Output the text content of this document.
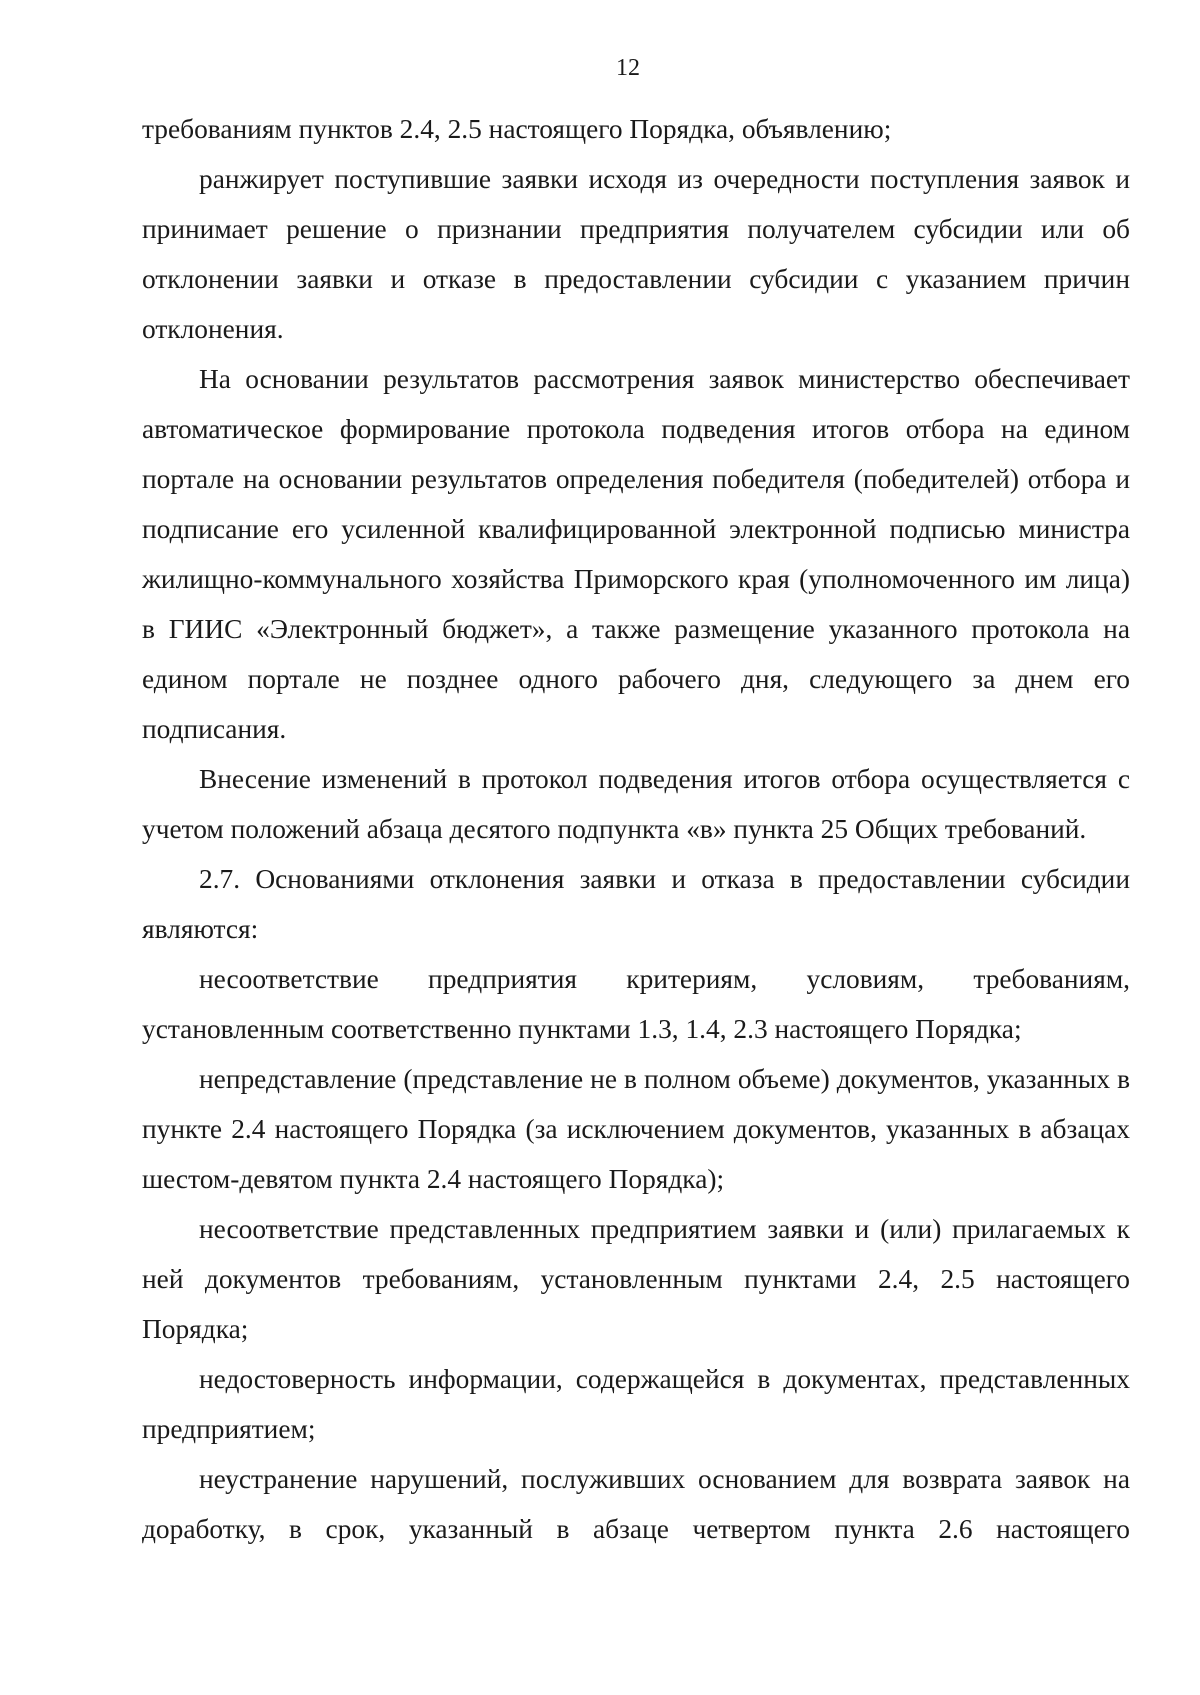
12

требованиям пунктов 2.4, 2.5 настоящего Порядка, объявлению;

ранжирует поступившие заявки исходя из очередности поступления заявок и принимает решение о признании предприятия получателем субсидии или об отклонении заявки и отказе в предоставлении субсидии с указанием причин отклонения.

На основании результатов рассмотрения заявок министерство обеспечивает автоматическое формирование протокола подведения итогов отбора на едином портале на основании результатов определения победителя (победителей) отбора и подписание его усиленной квалифицированной электронной подписью министра жилищно-коммунального хозяйства Приморского края (уполномоченного им лица) в ГИИС «Электронный бюджет», а также размещение указанного протокола на едином портале не позднее одного рабочего дня, следующего за днем его подписания.

Внесение изменений в протокол подведения итогов отбора осуществляется с учетом положений абзаца десятого подпункта «в» пункта 25 Общих требований.

2.7. Основаниями отклонения заявки и отказа в предоставлении субсидии являются:

несоответствие предприятия критериям, условиям, требованиям, установленным соответственно пунктами 1.3, 1.4, 2.3 настоящего Порядка;

непредставление (представление не в полном объеме) документов, указанных в пункте 2.4 настоящего Порядка (за исключением документов, указанных в абзацах шестом-девятом пункта 2.4 настоящего Порядка);

несоответствие представленных предприятием заявки и (или) прилагаемых к ней документов требованиям, установленным пунктами 2.4, 2.5 настоящего Порядка;

недостоверность информации, содержащейся в документах, представленных предприятием;

неустранение нарушений, послуживших основанием для возврата заявок на доработку, в срок, указанный в абзаце четвертом пункта 2.6 настоящего
